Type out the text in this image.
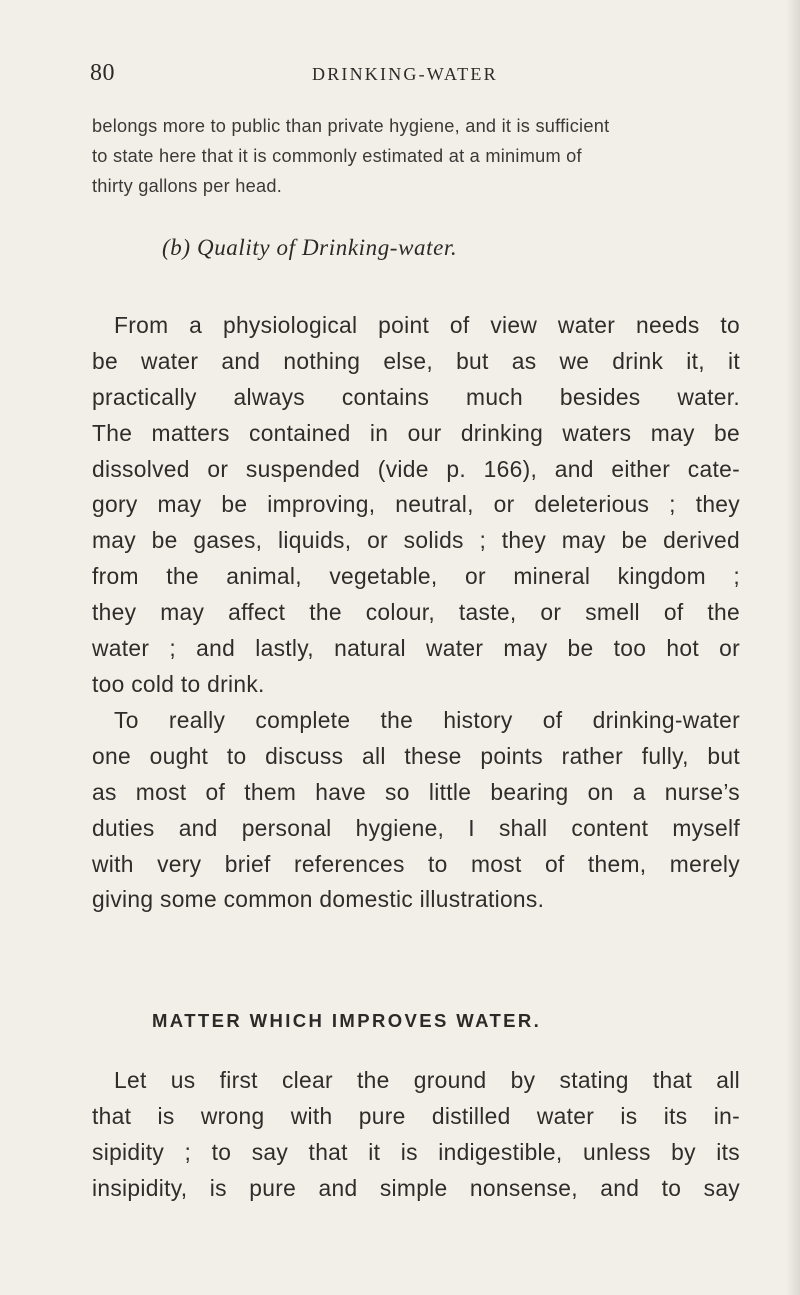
80	DRINKING-WATER
belongs more to public than private hygiene, and it is sufficient
to state here that it is commonly estimated at a minimum of
thirty gallons per head.
(b) Quality of Drinking-water.
From a physiological point of view water needs to
be water and nothing else, but as we drink it, it
practically always contains much besides water.
The matters contained in our drinking waters may be
dissolved or suspended (vide p. 166), and either cate-
gory may be improving, neutral, or deleterious ; they
may be gases, liquids, or solids ; they may be derived
from the animal, vegetable, or mineral kingdom ;
they may affect the colour, taste, or smell of the
water ; and lastly, natural water may be too hot or
too cold to drink.
To really complete the history of drinking-water
one ought to discuss all these points rather fully, but
as most of them have so little bearing on a nurse’s
duties and personal hygiene, I shall content myself
with very brief references to most of them, merely
giving some common domestic illustrations.
MATTER WHICH IMPROVES WATER.
Let us first clear the ground by stating that all
that is wrong with pure distilled water is its in-
sipidity ; to say that it is indigestible, unless by its
insipidity, is pure and simple nonsense, and to say
